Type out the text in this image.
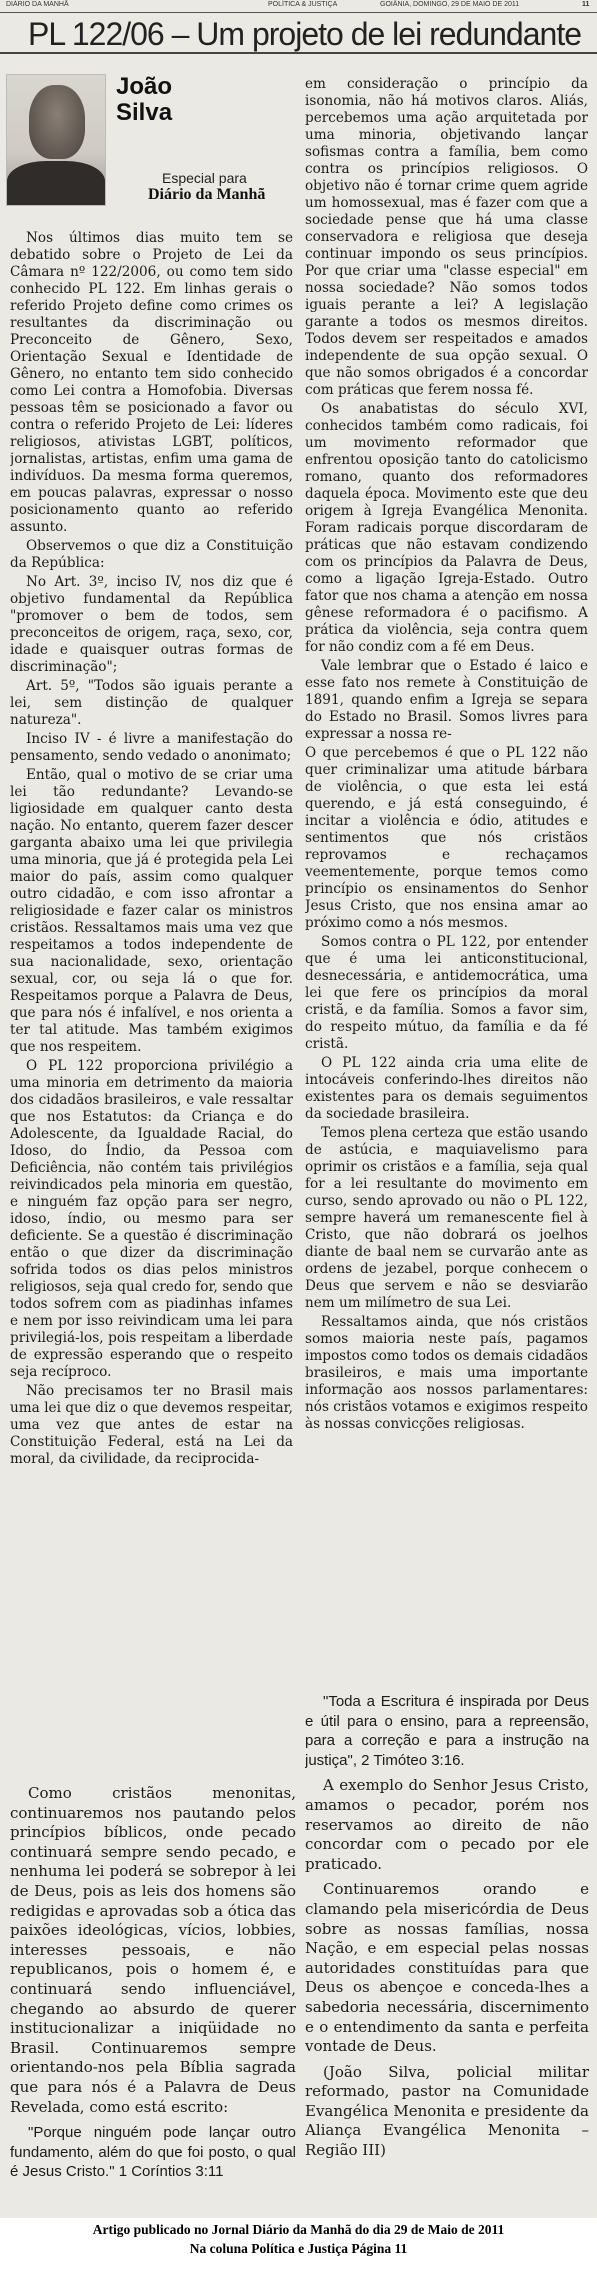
DIÁRIO DA MANHÃ	POLÍTICA & JUSTIÇA	GOIÂNIA, DOMINGO, 29 DE MAIO DE 2011	11
PL 122/06 – Um projeto de lei redundante
João
Silva
Especial para
Diário da Manhã

Nos últimos dias muito tem se debatido sobre o Projeto de Lei da Câmara nº 122/2006, ou como tem sido conhecido PL 122. Em linhas gerais o referido Projeto define como crimes os resultantes da discriminação ou Preconceito de Gênero, Sexo, Orientação Sexual e Identidade de Gênero, no entanto tem sido conhecido como Lei contra a Homofobia. Diversas pessoas têm se posicionado a favor ou contra o referido Projeto de Lei: líderes religiosos, ativistas LGBT, políticos, jornalistas, artistas, enfim uma gama de indivíduos. Da mesma forma queremos, em poucas palavras, expressar o nosso posicionamento quanto ao referido assunto.

Observemos o que diz a Constituição da República:

No Art. 3º, inciso IV, nos diz que é objetivo fundamental da República "promover o bem de todos, sem preconceitos de origem, raça, sexo, cor, idade e quaisquer outras formas de discriminação";

Art. 5º, "Todos são iguais perante a lei, sem distinção de qualquer natureza".

Inciso IV - é livre a manifestação do pensamento, sendo vedado o anonimato;

Então, qual o motivo de se criar uma lei tão redundante? Levando-se ligiosidade em qualquer canto desta nação. No entanto, querem fazer descer garganta abaixo uma lei que privilegia uma minoria, que já é protegida pela Lei maior do país, assim como qualquer outro cidadão, e com isso afrontar a religiosidade e fazer calar os ministros cristãos. Ressaltamos mais uma vez que respeitamos a todos independente de sua nacionalidade, sexo, orientação sexual, cor, ou seja lá o que for. Respeitamos porque a Palavra de Deus, que para nós é infalível, e nos orienta a ter tal atitude. Mas também exigimos que nos respeitem.

O PL 122 proporciona privilégio a uma minoria em detrimento da maioria dos cidadãos brasileiros, e vale ressaltar que nos Estatutos: da Criança e do Adolescente, da Igualdade Racial, do Idoso, do Índio, da Pessoa com Deficiência, não contém tais privilégios reivindicados pela minoria em questão, e ninguém faz opção para ser negro, idoso, índio, ou mesmo para ser deficiente. Se a questão é discriminação então o que dizer da discriminação sofrida todos os dias pelos ministros religiosos, seja qual credo for, sendo que todos sofrem com as piadinhas infames e nem por isso reivindicam uma lei para privilegiá-los, pois respeitam a liberdade de expressão esperando que o respeito seja recíproco.

Não precisamos ter no Brasil mais uma lei que diz o que devemos respeitar, uma vez que antes de estar na Constituição Federal, está na Lei da moral, da civilidade, da reciprocida-

em consideração o princípio da isonomia, não há motivos claros. Aliás, percebemos uma ação arquitetada por uma minoria, objetivando lançar sofismas contra a família, bem como contra os princípios religiosos. O objetivo não é tornar crime quem agride um homossexual, mas é fazer com que a sociedade pense que há uma classe conservadora e religiosa que deseja continuar impondo os seus princípios. Por que criar uma "classe especial" em nossa sociedade? Não somos todos iguais perante a lei? A legislação garante a todos os mesmos direitos. Todos devem ser respeitados e amados independente de sua opção sexual. O que não somos obrigados é a concordar com práticas que ferem nossa fé.

Os anabatistas do século XVI, conhecidos também como radicais, foi um movimento reformador que enfrentou oposição tanto do catolicismo romano, quanto dos reformadores daquela época. Movimento este que deu origem à Igreja Evangélica Menonita. Foram radicais porque discordaram de práticas que não estavam condizendo com os princípios da Palavra de Deus, como a ligação Igreja-Estado. Outro fator que nos chama a atenção em nossa gênese reformadora é o pacifismo. A prática da violência, seja contra quem for não condiz com a fé em Deus.

Vale lembrar que o Estado é laico e esse fato nos remete à Constituição de 1891, quando enfim a Igreja se separa do Estado no Brasil. Somos livres para expressar a nossa re-

O que percebemos é que o PL 122 não quer criminalizar uma atitude bárbara de violência, o que esta lei está querendo, e já está conseguindo, é incitar a violência e ódio, atitudes e sentimentos que nós cristãos reprovamos e rechaçamos veementemente, porque temos como princípio os ensinamentos do Senhor Jesus Cristo, que nos ensina amar ao próximo como a nós mesmos.

Somos contra o PL 122, por entender que é uma lei anticonstitucional, desnecessária, e antidemocrática, uma lei que fere os princípios da moral cristã, e da família. Somos a favor sim, do respeito mútuo, da família e da fé cristã.

O PL 122 ainda cria uma elite de intocáveis conferindo-lhes direitos não existentes para os demais seguimentos da sociedade brasileira.

Temos plena certeza que estão usando de astúcia, e maquiavelismo para oprimir os cristãos e a família, seja qual for a lei resultante do movimento em curso, sendo aprovado ou não o PL 122, sempre haverá um remanescente fiel à Cristo, que não dobrará os joelhos diante de baal nem se curvarão ante as ordens de jezabel, porque conhecem o Deus que servem e não se desviarão nem um milímetro de sua Lei.

Ressaltamos ainda, que nós cristãos somos maioria neste país, pagamos impostos como todos os demais cidadãos brasileiros, e mais uma importante informação aos nossos parlamentares: nós cristãos votamos e exigimos respeito às nossas convicções religiosas.

Como cristãos menonitas, continuaremos nos pautando pelos princípios bíblicos, onde pecado continuará sempre sendo pecado, e nenhuma lei poderá se sobrepor à lei de Deus, pois as leis dos homens são redigidas e aprovadas sob a ótica das paixões ideológicas, vícios, lobbies, interesses pessoais, e não republicanos, pois o homem é, e continuará sendo influenciável, chegando ao absurdo de querer institucionalizar a iniqüidade no Brasil. Continuaremos sempre orientando-nos pela Bíblia sagrada que para nós é a Palavra de Deus Revelada, como está escrito:

"Porque ninguém pode lançar outro fundamento, além do que foi posto, o qual é Jesus Cristo." 1 Coríntios 3:11

"Toda a Escritura é inspirada por Deus e útil para o ensino, para a repreensão, para a correção e para a instrução na justiça", 2 Timóteo 3:16.

A exemplo do Senhor Jesus Cristo, amamos o pecador, porém nos reservamos ao direito de não concordar com o pecado por ele praticado.

Continuaremos orando e clamando pela misericórdia de Deus sobre as nossas famílias, nossa Nação, e em especial pelas nossas autoridades constituídas para que Deus os abençoe e conceda-lhes a sabedoria necessária, discernimento e o entendimento da santa e perfeita vontade de Deus.

(João Silva, policial militar reformado, pastor na Comunidade Evangélica Menonita e presidente da Aliança Evangélica Menonita – Região III)

Artigo publicado no Jornal Diário da Manhã do dia 29 de Maio de 2011
Na coluna Política e Justiça Página 11
